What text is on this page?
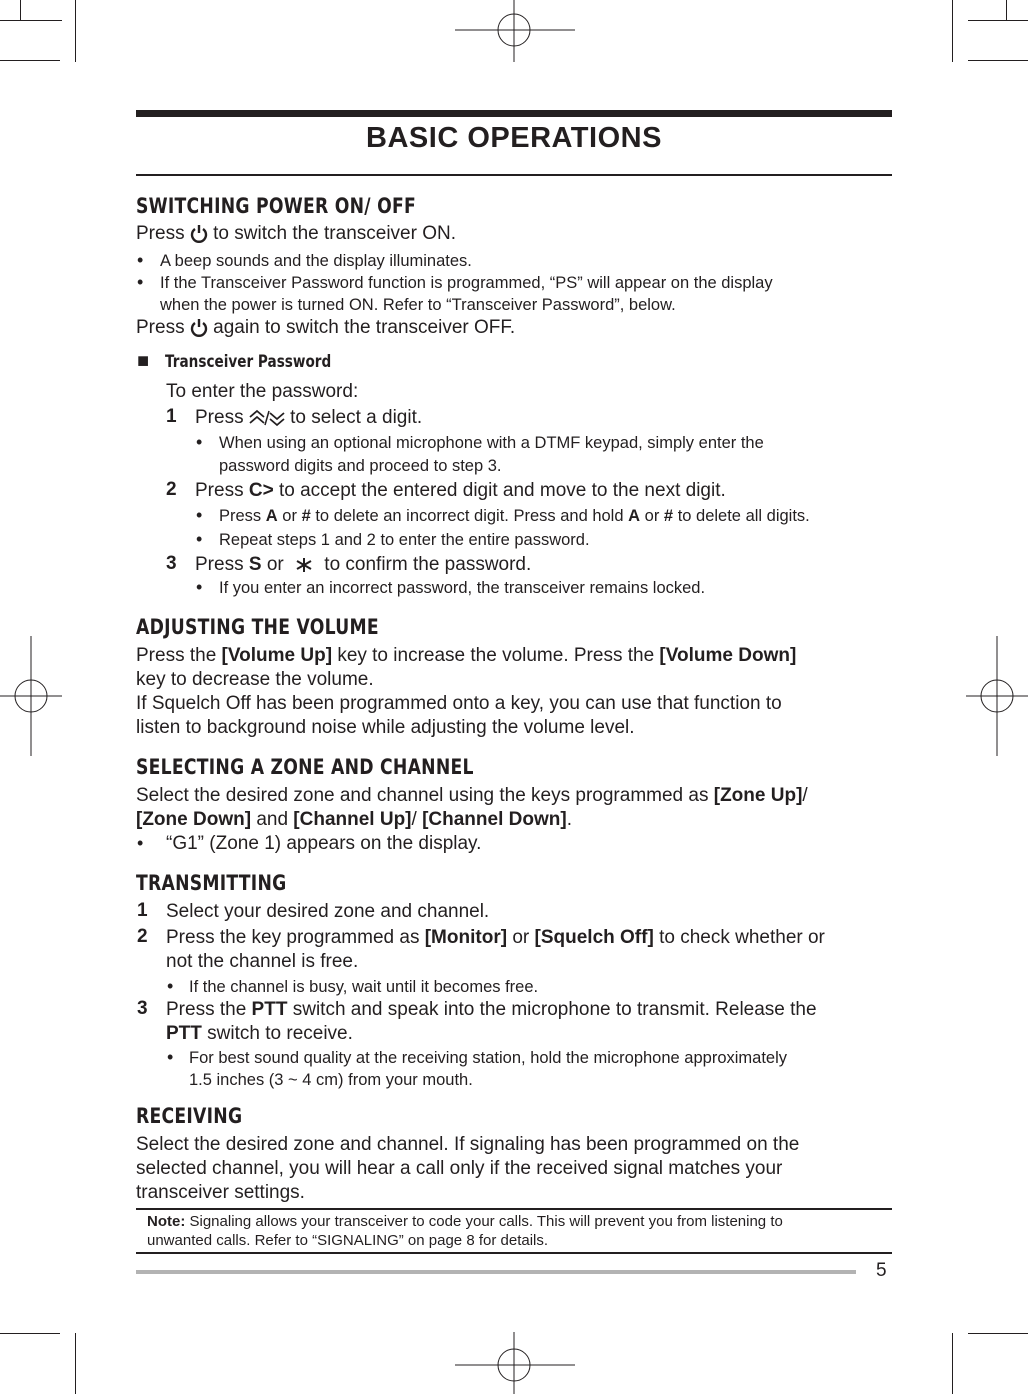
BASIC OPERATIONS
SWITCHING POWER ON/ OFF
Press to switch the transceiver ON.
• A beep sounds and the display illuminates.
• If the Transceiver Password function is programmed, “PS” will appear on the display
when the power is turned ON. Refer to “Transceiver Password”, below.
Press again to switch the transceiver OFF.
■ Transceiver Password
To enter the password:
1 Press to select a digit.
• When using an optional microphone with a DTMF keypad, simply enter the
password digits and proceed to step 3.
2 Press C> to accept the entered digit and move to the next digit.
• Press A or # to delete an incorrect digit. Press and hold A or # to delete all digits.
• Repeat steps 1 and 2 to enter the entire password.
3 Press S or to confirm the password.
• If you enter an incorrect password, the transceiver remains locked.
ADJUSTING THE VOLUME
Press the [Volume Up] key to increase the volume. Press the [Volume Down]
key to decrease the volume.
If Squelch Off has been programmed onto a key, you can use that function to
listen to background noise while adjusting the volume level.
SELECTING A ZONE AND CHANNEL
Select the desired zone and channel using the keys programmed as [Zone Up]/
[Zone Down] and [Channel Up]/ [Channel Down].
• “G1” (Zone 1) appears on the display.
TRANSMITTING
1 Select your desired zone and channel.
2 Press the key programmed as [Monitor] or [Squelch Off] to check whether or
not the channel is free.
• If the channel is busy, wait until it becomes free.
3 Press the PTT switch and speak into the microphone to transmit. Release the
PTT switch to receive.
• For best sound quality at the receiving station, hold the microphone approximately
1.5 inches (3 ~ 4 cm) from your mouth.
RECEIVING
Select the desired zone and channel. If signaling has been programmed on the
selected channel, you will hear a call only if the received signal matches your
transceiver settings.
Note: Signaling allows your transceiver to code your calls. This will prevent you from listening to
unwanted calls. Refer to “SIGNALING” on page 8 for details.
5
